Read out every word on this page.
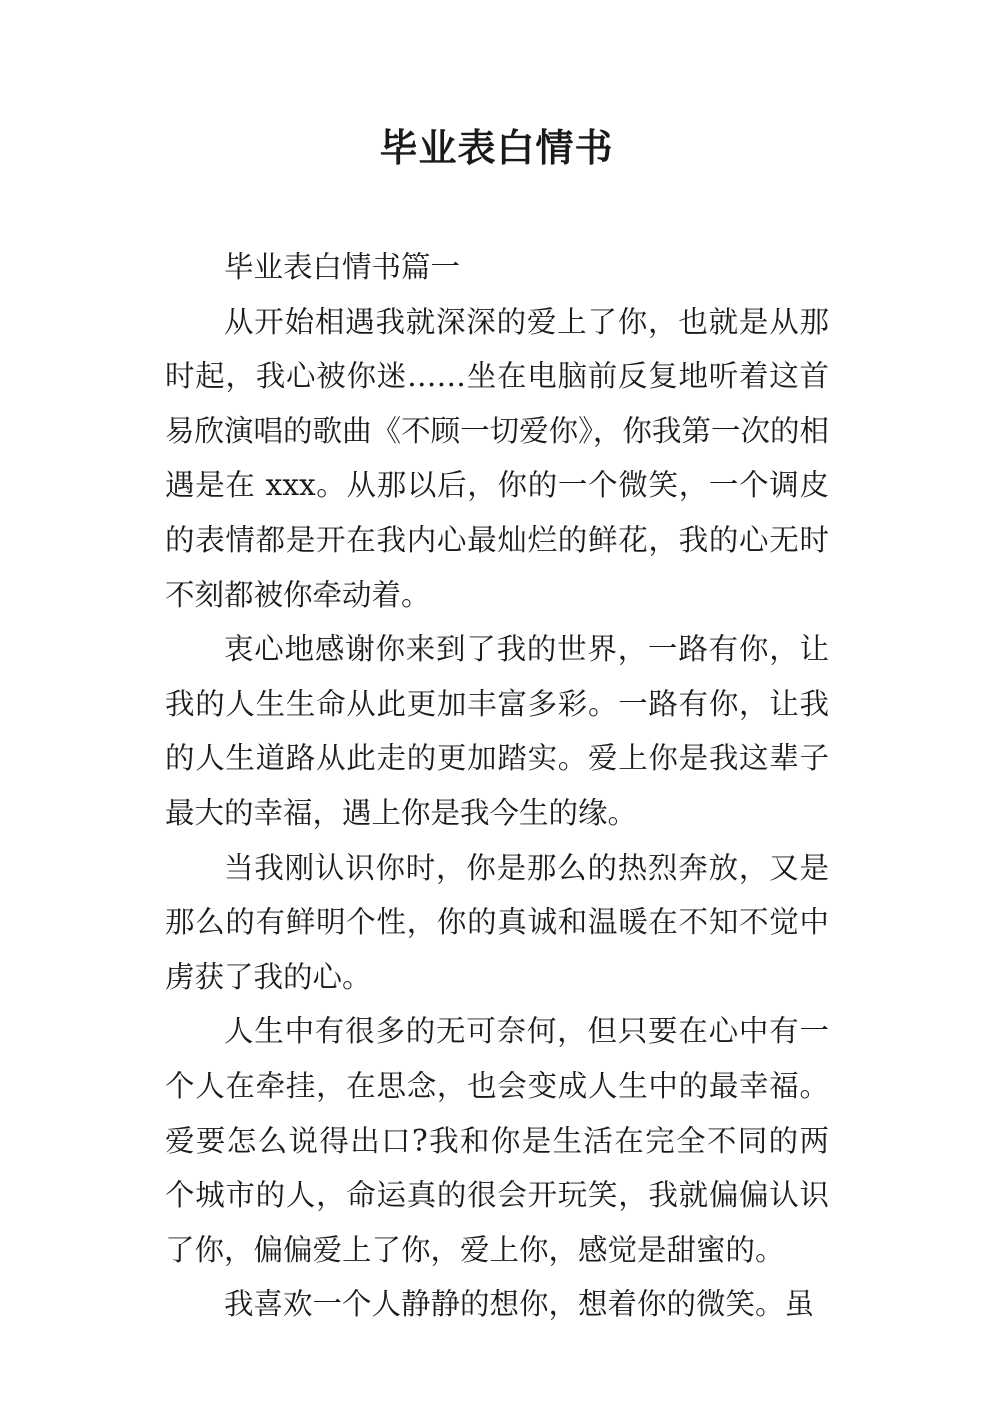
毕业表白情书

毕业表白情书篇一

从开始相遇我就深深的爱上了你，也就是从那时起，我心被你迷……坐在电脑前反复地听着这首易欣演唱的歌曲《不顾一切爱你》，你我第一次的相遇是在 xxx。从那以后，你的一个微笑，一个调皮的表情都是开在我内心最灿烂的鲜花，我的心无时不刻都被你牵动着。

衷心地感谢你来到了我的世界，一路有你，让我的人生生命从此更加丰富多彩。一路有你，让我的人生道路从此走的更加踏实。爱上你是我这辈子最大的幸福，遇上你是我今生的缘。

当我刚认识你时，你是那么的热烈奔放，又是那么的有鲜明个性，你的真诚和温暖在不知不觉中虏获了我的心。

人生中有很多的无可奈何，但只要在心中有一个人在牵挂，在思念，也会变成人生中的最幸福。爱要怎么说得出口?我和你是生活在完全不同的两个城市的人，命运真的很会开玩笑，我就偏偏认识了你，偏偏爱上了你，爱上你，感觉是甜蜜的。

我喜欢一个人静静的想你，想着你的微笑。虽
